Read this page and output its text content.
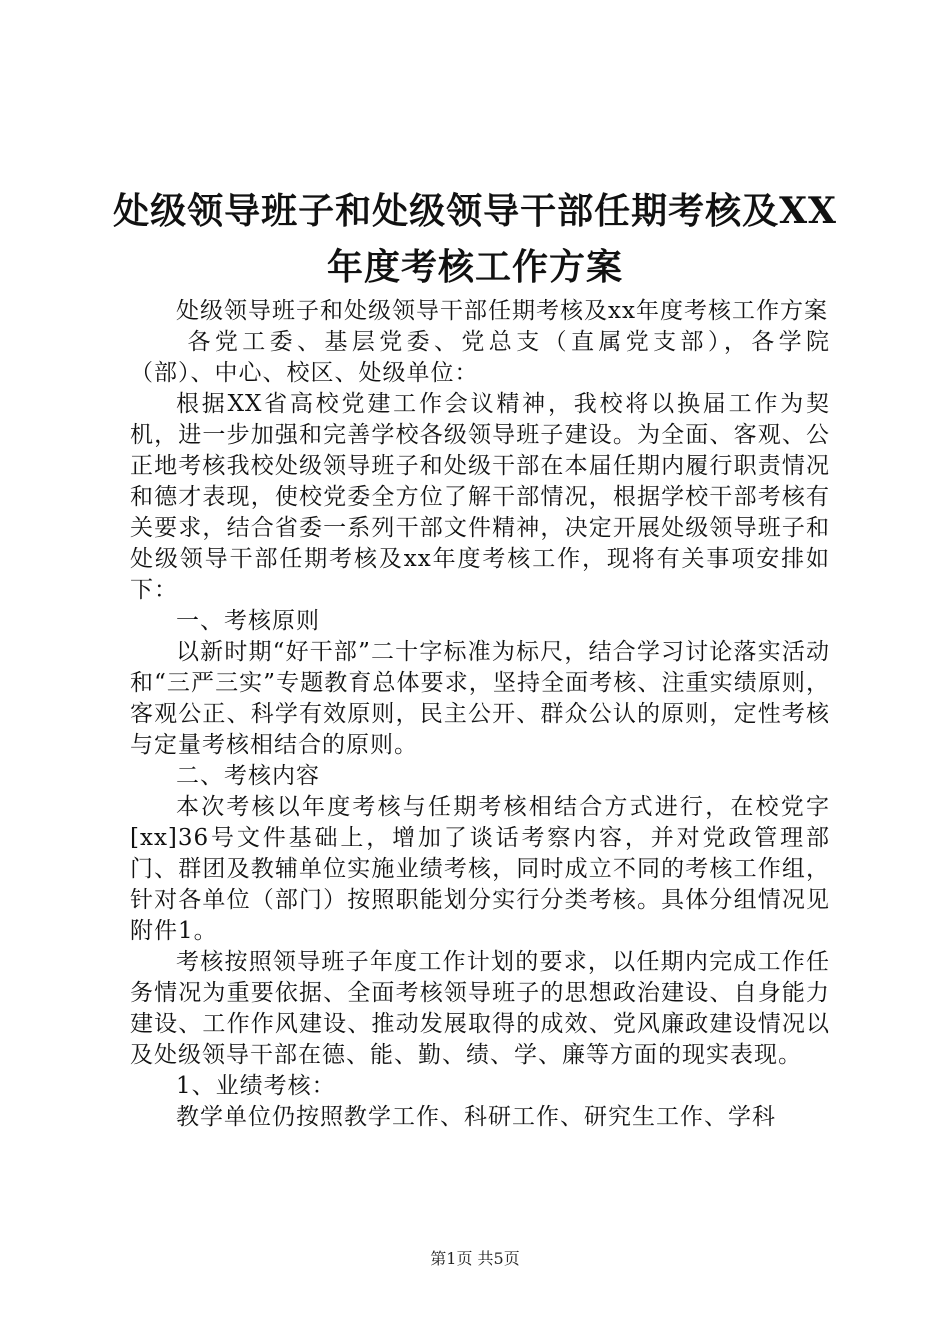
处级领导班子和处级领导干部任期考核及XX
年度考核工作方案

处级领导班子和处级领导干部任期考核及xx年度考核工作方案

各党工委、基层党委、党总支（直属党支部），各学院（部）、中心、校区、处级单位：

根据XX省高校党建工作会议精神，我校将以换届工作为契机，进一步加强和完善学校各级领导班子建设。为全面、客观、公正地考核我校处级领导班子和处级干部在本届任期内履行职责情况和德才表现，使校党委全方位了解干部情况，根据学校干部考核有关要求，结合省委一系列干部文件精神，决定开展处级领导班子和处级领导干部任期考核及xx年度考核工作，现将有关事项安排如下：

一、考核原则

以新时期“好干部”二十字标准为标尺，结合学习讨论落实活动和“三严三实”专题教育总体要求，坚持全面考核、注重实绩原则，客观公正、科学有效原则，民主公开、群众公认的原则，定性考核与定量考核相结合的原则。

二、考核内容

本次考核以年度考核与任期考核相结合方式进行，在校党字[xx]36号文件基础上，增加了谈话考察内容，并对党政管理部门、群团及教辅单位实施业绩考核，同时成立不同的考核工作组，针对各单位（部门）按照职能划分实行分类考核。具体分组情况见附件1。

考核按照领导班子年度工作计划的要求，以任期内完成工作任务情况为重要依据、全面考核领导班子的思想政治建设、自身能力建设、工作作风建设、推动发展取得的成效、党风廉政建设情况以及处级领导干部在德、能、勤、绩、学、廉等方面的现实表现。

1、业绩考核：

教学单位仍按照教学工作、科研工作、研究生工作、学科

第1页 共5页
